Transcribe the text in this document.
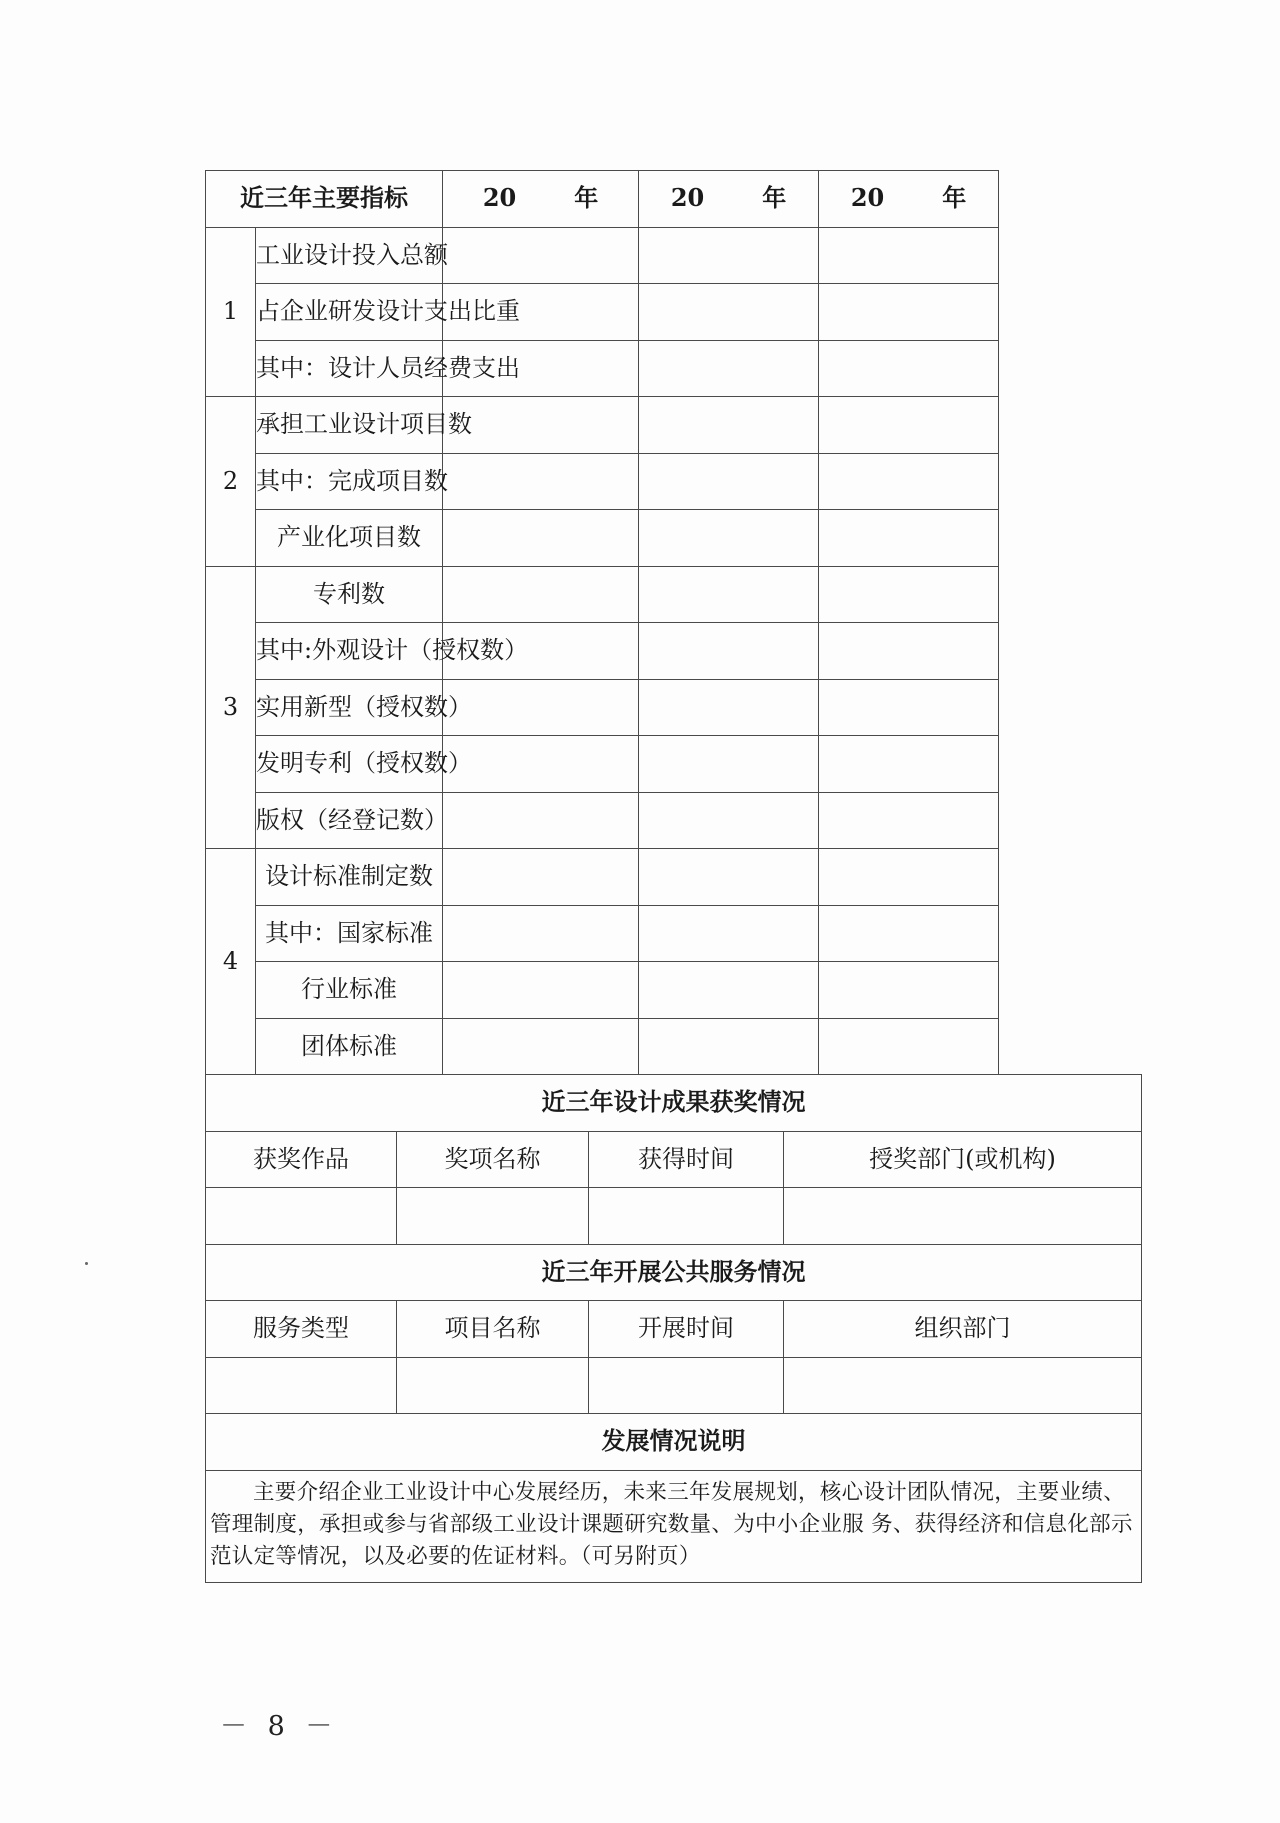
近三年主要指标			20 年		20 年		20 年
1	工业设计投入总额						
	占企业研发设计支出比重						
	其中：设计人员经费支出						
2	承担工业设计项目数						
	其中：完成项目数						
	产业化项目数						
3	专利数						
	其中:外观设计（授权数）						
	实用新型（授权数）						
	发明专利（授权数）						
	版权（经登记数）						
4	设计标准制定数						
	其中：国家标准						
	行业标准						
	团体标准						
近三年设计成果获奖情况							
获奖作品		奖项名称		获得时间		授奖部门(或机构)	

近三年开展公共服务情况							
服务类型		项目名称		开展时间		组织部门	

发展情况说明							

主要介绍企业工业设计中心发展经历，未来三年发展规划，核心设计团队情况，主要业绩、管理制度，承担或参与省部级工业设计课题研究数量、为中小企业服 务、获得经济和信息化部示范认定等情况，以及必要的佐证材料。（可另附页）							
－ 8 －
